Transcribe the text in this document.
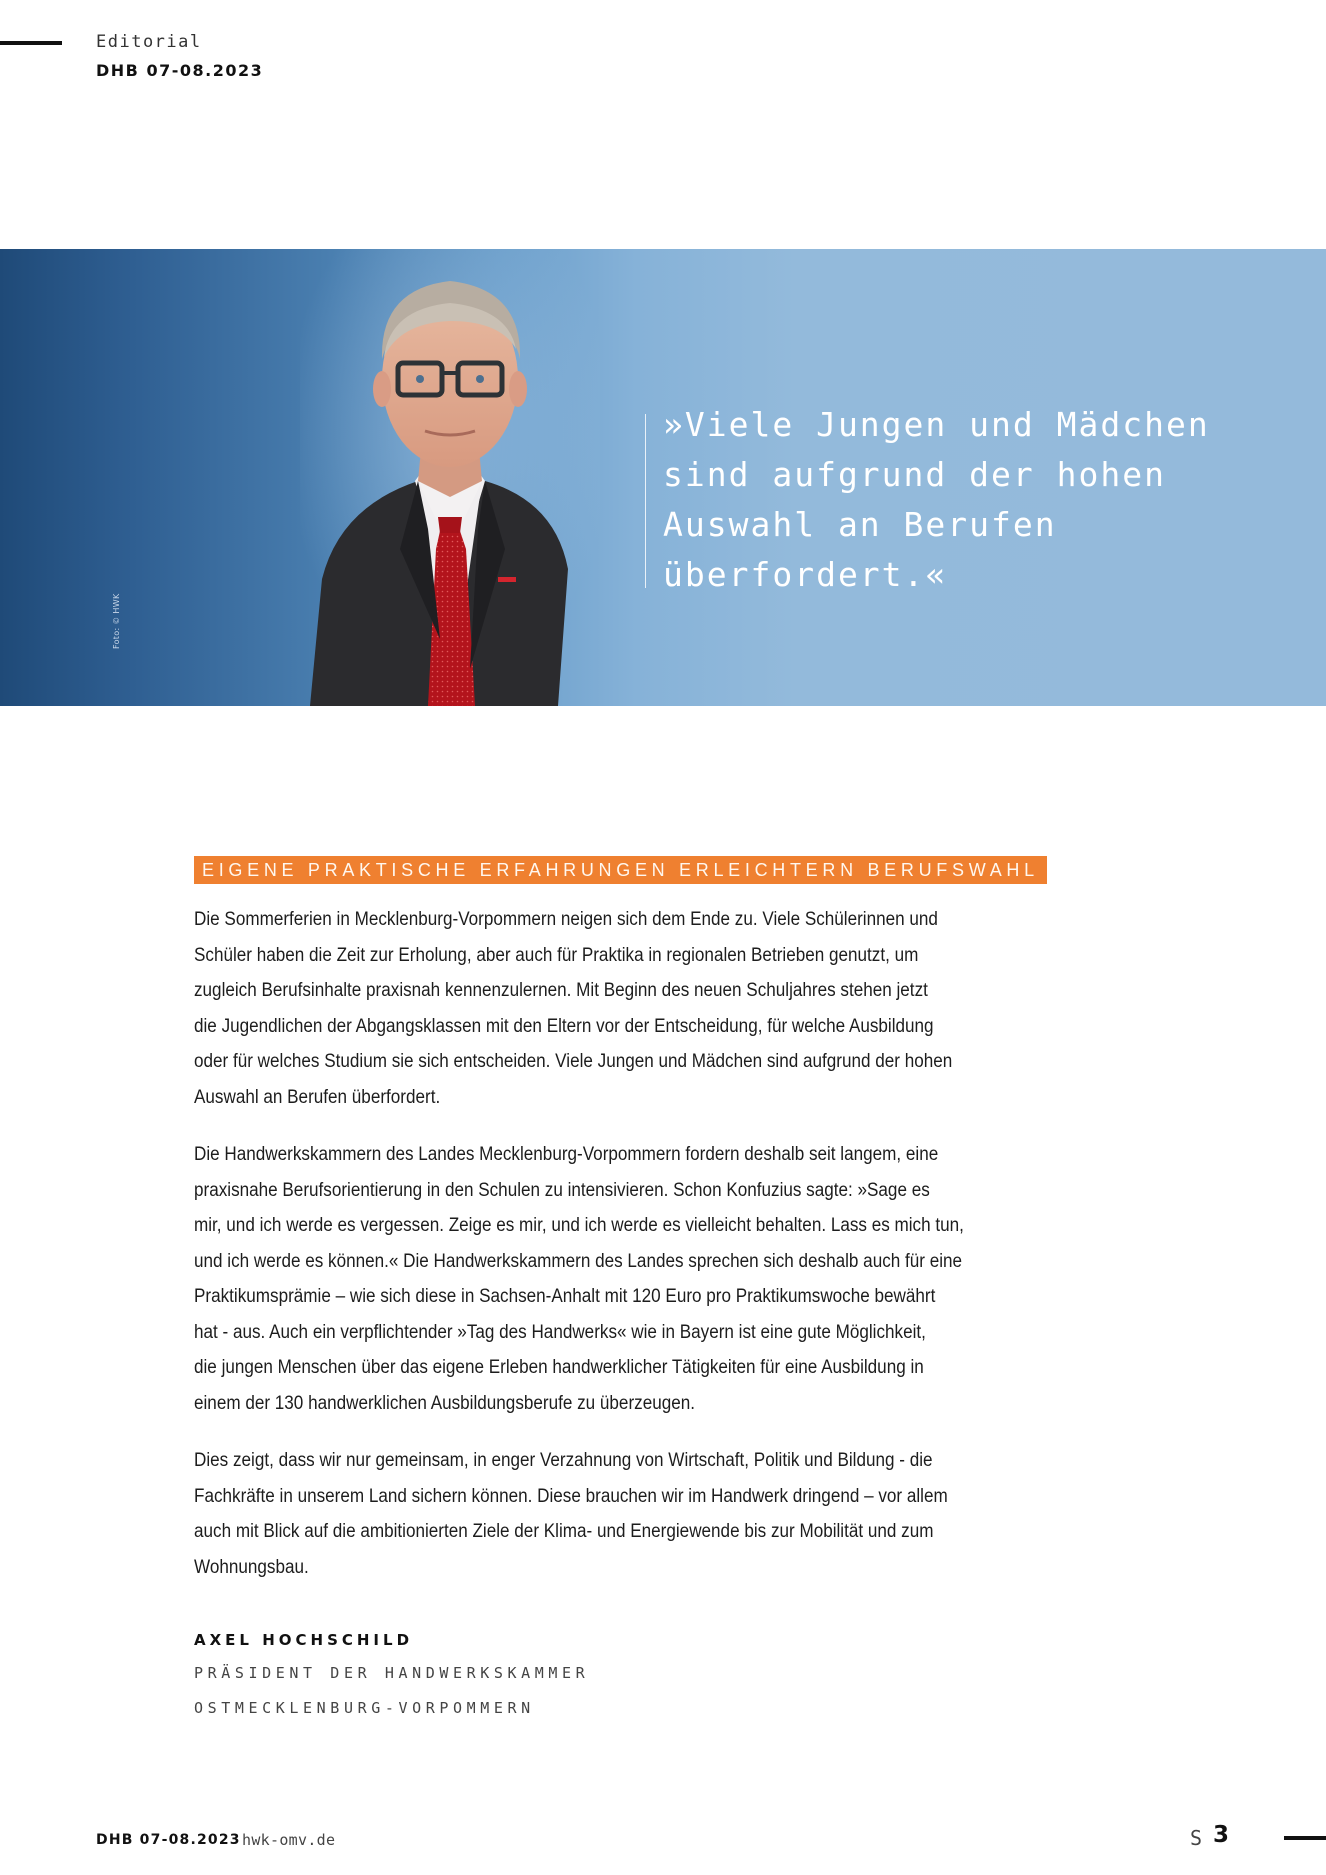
Editorial
DHB 07-08.2023
Foto: © HWK
»Viele Jungen und Mädchen
sind aufgrund der hohen
Auswahl an Berufen
überfordert.«
EIGENE PRAKTISCHE ERFAHRUNGEN ERLEICHTERN BERUFSWAHL
Die Sommerferien in Mecklenburg-Vorpommern neigen sich dem Ende zu. Viele Schülerinnen und
Schüler haben die Zeit zur Erholung, aber auch für Praktika in regionalen Betrieben genutzt, um
zugleich Berufsinhalte praxisnah kennenzulernen. Mit Beginn des neuen Schuljahres stehen jetzt
die Jugendlichen der Abgangsklassen mit den Eltern vor der Entscheidung, für welche Ausbildung
oder für welches Studium sie sich entscheiden. Viele Jungen und Mädchen sind aufgrund der hohen
Auswahl an Berufen überfordert.
Die Handwerkskammern des Landes Mecklenburg-Vorpommern fordern deshalb seit langem, eine
praxisnahe Berufsorientierung in den Schulen zu intensivieren. Schon Konfuzius sagte: »Sage es
mir, und ich werde es vergessen. Zeige es mir, und ich werde es vielleicht behalten. Lass es mich tun,
und ich werde es können.« Die Handwerkskammern des Landes sprechen sich deshalb auch für eine
Praktikumsprämie – wie sich diese in Sachsen-Anhalt mit 120 Euro pro Praktikumswoche bewährt
hat - aus. Auch ein verpflichtender »Tag des Handwerks« wie in Bayern ist eine gute Möglichkeit,
die jungen Menschen über das eigene Erleben handwerklicher Tätigkeiten für eine Ausbildung in
einem der 130 handwerklichen Ausbildungsberufe zu überzeugen.
Dies zeigt, dass wir nur gemeinsam, in enger Verzahnung von Wirtschaft, Politik und Bildung - die
Fachkräfte in unserem Land sichern können. Diese brauchen wir im Handwerk dringend – vor allem
auch mit Blick auf die ambitionierten Ziele der Klima- und Energiewende bis zur Mobilität und zum
Wohnungsbau.
AXEL HOCHSCHILD
PRÄSIDENT DER HANDWERKSKAMMER
OSTMECKLENBURG-VORPOMMERN
DHB 07-08.2023 hwk-omv.de	S 3
